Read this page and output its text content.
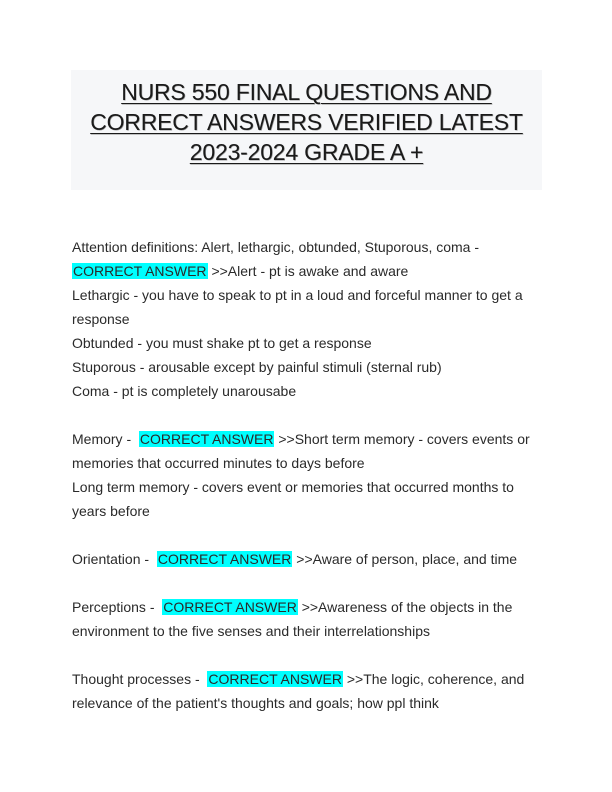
NURS 550 FINAL QUESTIONS AND
CORRECT ANSWERS VERIFIED LATEST
2023-2024 GRADE A +
Attention definitions: Alert, lethargic, obtunded, Stuporous, coma -
CORRECT ANSWER >>Alert - pt is awake and aware
Lethargic - you have to speak to pt in a loud and forceful manner to get a
response
Obtunded - you must shake pt to get a response
Stuporous - arousable except by painful stimuli (sternal rub)
Coma - pt is completely unarousabe
Memory - CORRECT ANSWER >>Short term memory - covers events or
memories that occurred minutes to days before
Long term memory - covers event or memories that occurred months to
years before
Orientation - CORRECT ANSWER >>Aware of person, place, and time
Perceptions - CORRECT ANSWER >>Awareness of the objects in the
environment to the five senses and their interrelationships
Thought processes - CORRECT ANSWER >>The logic, coherence, and
relevance of the patient's thoughts and goals; how ppl think
